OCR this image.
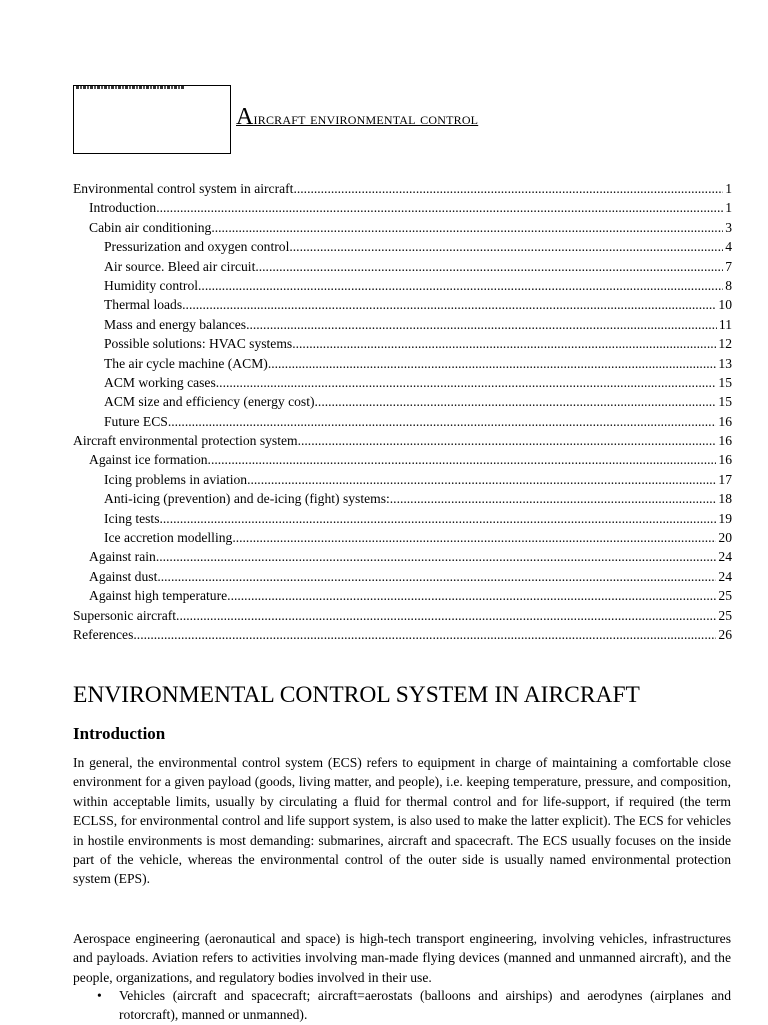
Aircraft environmental control
Environmental control system in aircraft .....	1
Introduction .....	1
Cabin air conditioning .....	3
Pressurization and oxygen control .....	4
Air source. Bleed air circuit .....	7
Humidity control .....	8
Thermal loads .....	10
Mass and energy balances .....	11
Possible solutions: HVAC systems .....	12
The air cycle machine (ACM) .....	13
ACM working cases .....	15
ACM size and efficiency (energy cost) .....	15
Future ECS .....	16
Aircraft environmental protection system .....	16
Against ice formation .....	16
Icing problems in aviation .....	17
Anti-icing (prevention) and de-icing (fight) systems: .....	18
Icing tests .....	19
Ice accretion modelling .....	20
Against rain .....	24
Against dust .....	24
Against high temperature .....	25
Supersonic aircraft .....	25
References .....	26
ENVIRONMENTAL CONTROL SYSTEM IN AIRCRAFT
Introduction

In general, the environmental control system (ECS) refers to equipment in charge of maintaining a comfortable close environment for a given payload (goods, living matter, and people), i.e. keeping temperature, pressure, and composition, within acceptable limits, usually by circulating a fluid for thermal control and for life-support, if required (the term ECLSS, for environmental control and life support system, is also used to make the latter explicit). The ECS for vehicles in hostile environments is most demanding: submarines, aircraft and spacecraft. The ECS usually focuses on the inside part of the vehicle, whereas the environmental control of the outer side is usually named environmental protection system (EPS).

Aerospace engineering (aeronautical and space) is high-tech transport engineering, involving vehicles, infrastructures and payloads. Aviation refers to activities involving man-made flying devices (manned and unmanned aircraft), and the people, organizations, and regulatory bodies involved in their use.

• Vehicles (aircraft and spacecraft; aircraft=aerostats (balloons and airships) and aerodynes (airplanes and rotorcraft), manned or unmanned).
